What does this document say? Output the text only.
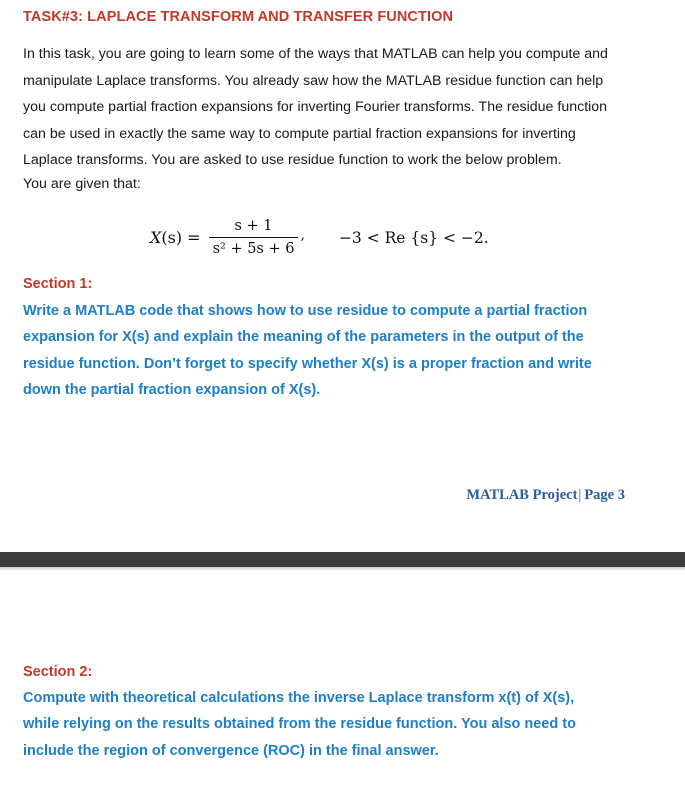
TASK#3: LAPLACE TRANSFORM AND TRANSFER FUNCTION

In this task, you are going to learn some of the ways that MATLAB can help you compute and

manipulate Laplace transforms. You already saw how the MATLAB residue function can help

you compute partial fraction expansions for inverting Fourier transforms. The residue function

can be used in exactly the same way to compute partial fraction expansions for inverting

Laplace transforms. You are asked to use residue function to work the below problem.

You are given that:
$X(s) = \frac{s + 1}{\text{s² + 5s + 6}}$ , −3 < Re {s} < −2.
Section 1:

Write a MATLAB code that shows how to use residue to compute a partial fraction

expansion for X(s) and explain the meaning of the parameters in the output of the

residue function. Don’t forget to specify whether X(s) is a proper fraction and write

down the partial fraction expansion of X(s).

MATLAB Project| Page 3
Section 2:

Compute with theoretical calculations the inverse Laplace transform x(t) of X(s),

while relying on the results obtained from the residue function. You also need to

include the region of convergence (ROC) in the final answer.
